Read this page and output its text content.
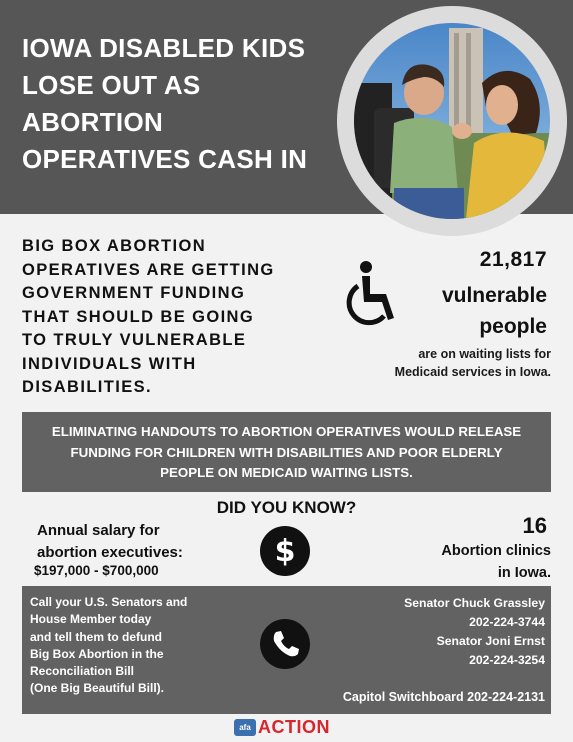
IOWA DISABLED KIDS
LOSE OUT AS
ABORTION
OPERATIVES CASH IN

BIG BOX ABORTION
OPERATIVES ARE GETTING
GOVERNMENT FUNDING
THAT SHOULD BE GOING
TO TRULY VULNERABLE
INDIVIDUALS WITH
DISABILITIES.

21,817
vulnerable
people
are on waiting lists for
Medicaid services in Iowa.

ELIMINATING HANDOUTS TO ABORTION OPERATIVES WOULD RELEASE
FUNDING FOR CHILDREN WITH DISABILITIES AND POOR ELDERLY
PEOPLE ON MEDICAID WAITING LISTS.

DID YOU KNOW?
Annual salary for
abortion executives:
$197,000 - $700,000
$
16
Abortion clinics
in Iowa.

Call your U.S. Senators and
House Member today
and tell them to defund
Big Box Abortion in the
Reconciliation Bill
(One Big Beautiful Bill).

Senator Chuck Grassley
202-224-3744
Senator Joni Ernst
202-224-3254
Capitol Switchboard 202-224-2131
afa ACTION
